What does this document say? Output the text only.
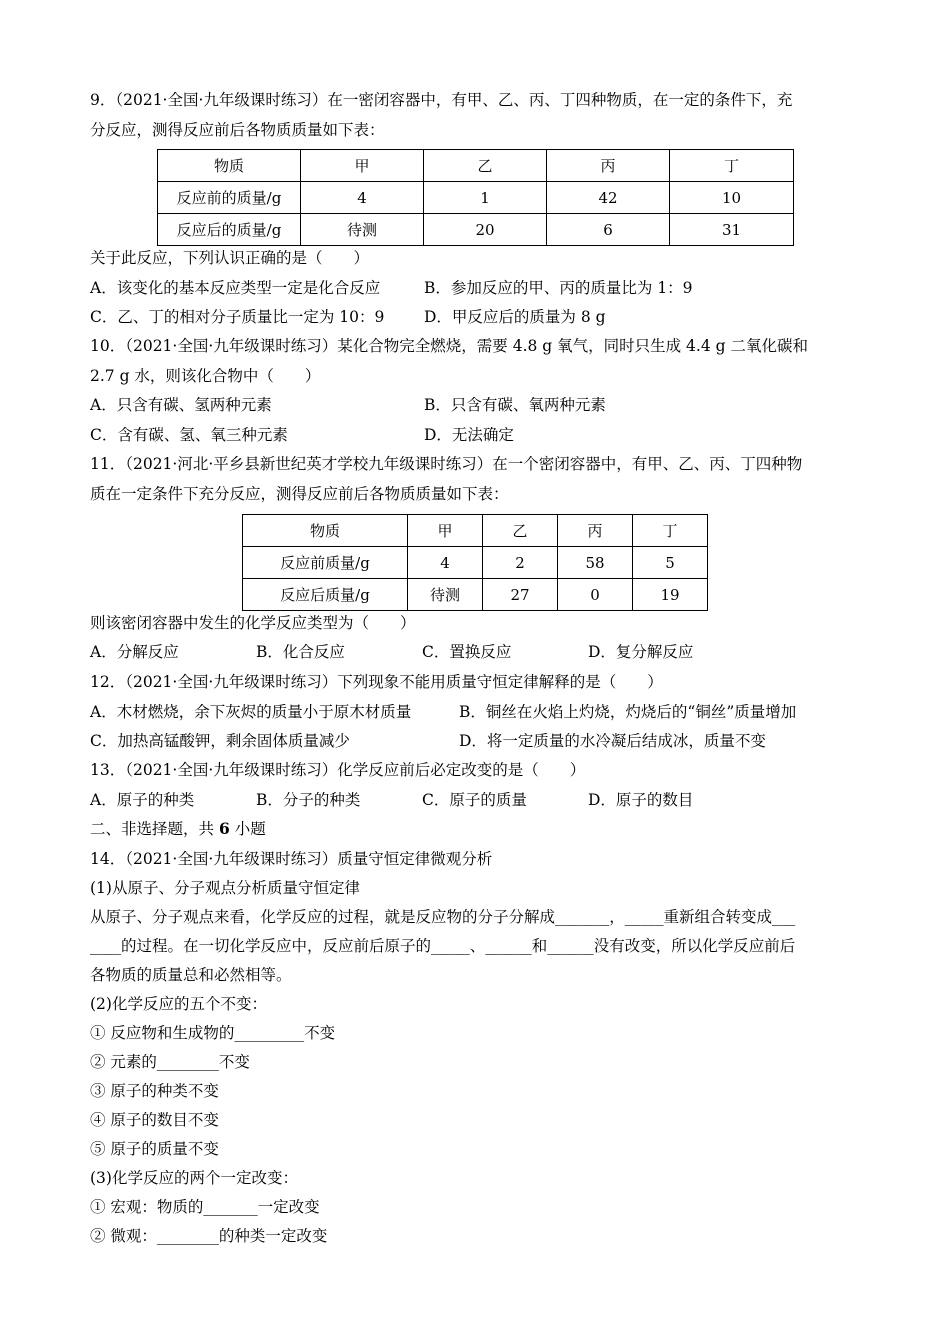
9．（2021·全国·九年级课时练习）在一密闭容器中，有甲、乙、丙、丁四种物质，在一定的条件下，充
分反应，测得反应前后各物质质量如下表：
物质	甲	乙	丙	丁
反应前的质量/g	4	1	42	10
反应后的质量/g	待测	20	6	31
关于此反应，下列认识正确的是（　　）
A．该变化的基本反应类型一定是化合反应	B．参加反应的甲、丙的质量比为 1：9
C．乙、丁的相对分子质量比一定为 10：9	D．甲反应后的质量为 8 g
10．（2021·全国·九年级课时练习）某化合物完全燃烧，需要 4.8 g 氧气，同时只生成 4.4 g 二氧化碳和
2.7 g 水，则该化合物中（　　）
A．只含有碳、氢两种元素	B．只含有碳、氧两种元素
C．含有碳、氢、氧三种元素	D．无法确定
11．（2021·河北·平乡县新世纪英才学校九年级课时练习）在一个密闭容器中，有甲、乙、丙、丁四种物
质在一定条件下充分反应，测得反应前后各物质质量如下表：
物质	甲	乙	丙	丁
反应前质量/g	4	2	58	5
反应后质量/g	待测	27	0	19
则该密闭容器中发生的化学反应类型为（　　）
A．分解反应	B．化合反应	C．置换反应	D．复分解反应
12．（2021·全国·九年级课时练习）下列现象不能用质量守恒定律解释的是（　　）
A．木材燃烧，余下灰烬的质量小于原木材质量	B．铜丝在火焰上灼烧，灼烧后的“铜丝”质量增加
C．加热高锰酸钾，剩余固体质量减少	D．将一定质量的水冷凝后结成冰，质量不变
13．（2021·全国·九年级课时练习）化学反应前后必定改变的是（　　）
A．原子的种类	B．分子的种类	C．原子的质量	D．原子的数目
二、非选择题，共 6 小题
14．（2021·全国·九年级课时练习）质量守恒定律微观分析
(1)从原子、分子观点分析质量守恒定律
从原子、分子观点来看，化学反应的过程，就是反应物的分子分解成_______，_____重新组合转变成___
____的过程。在一切化学反应中，反应前后原子的_____、______和______没有改变，所以化学反应前后
各物质的质量总和必然相等。
(2)化学反应的五个不变：
① 反应物和生成物的_________不变
② 元素的________不变
③ 原子的种类不变
④ 原子的数目不变
⑤ 原子的质量不变
(3)化学反应的两个一定改变：
① 宏观：物质的_______一定改变
② 微观：________的种类一定改变
